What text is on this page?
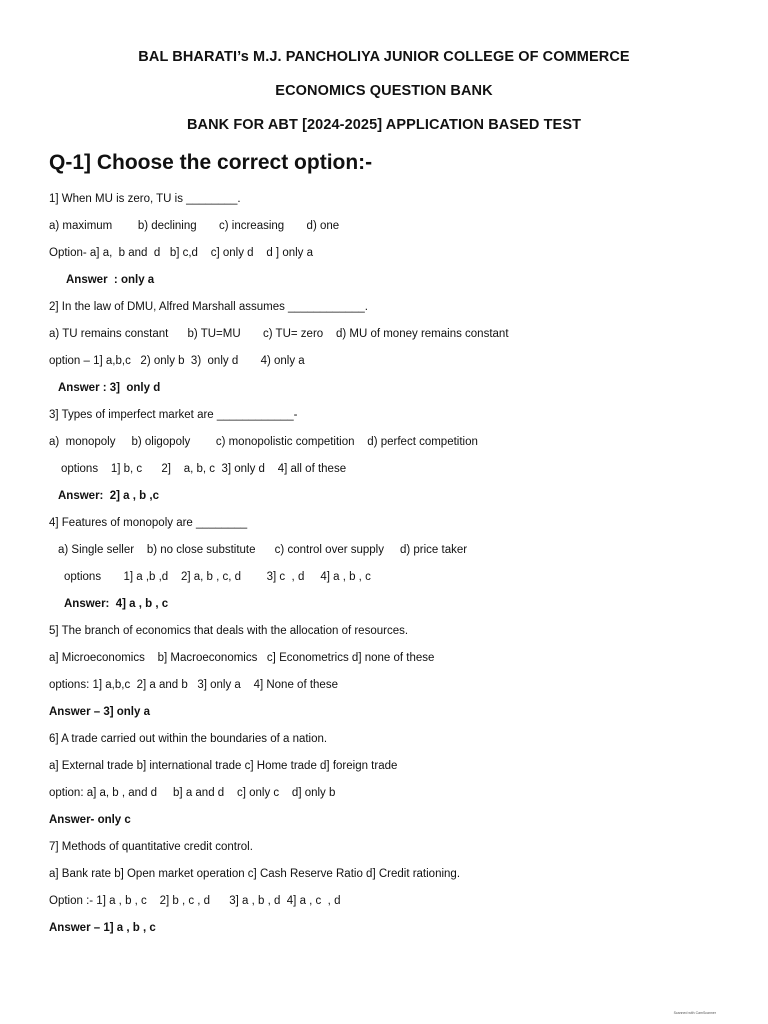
BAL BHARATI’s M.J. PANCHOLIYA JUNIOR COLLEGE OF COMMERCE
ECONOMICS QUESTION BANK
BANK FOR ABT [2024-2025] APPLICATION BASED TEST
Q-1] Choose the correct option:-
1] When MU is zero, TU is ________.
a) maximum        b) declining       c) increasing       d) one
Option- a] a,  b and  d   b] c,d    c] only d    d ] only a
Answer  : only a
2] In the law of DMU, Alfred Marshall assumes ____________.
a) TU remains constant      b) TU=MU       c) TU= zero    d) MU of money remains constant
option – 1] a,b,c   2) only b  3)  only d       4) only a
Answer : 3]  only d
3] Types of imperfect market are ____________-
a)  monopoly     b) oligopoly        c) monopolistic competition    d) perfect competition
options    1] b, c      2]    a, b, c  3] only d    4] all of these
Answer:  2] a , b ,c
4] Features of monopoly are ________
a) Single seller    b) no close substitute      c) control over supply     d) price taker
options       1] a ,b ,d    2] a, b , c, d        3] c  , d     4] a , b , c
Answer:  4] a , b , c
5] The branch of economics that deals with the allocation of resources.
a] Microeconomics    b] Macroeconomics   c] Econometrics d] none of these
options: 1] a,b,c  2] a and b   3] only a    4] None of these
Answer – 3] only a
6] A trade carried out within the boundaries of a nation.
a] External trade b] international trade c] Home trade d] foreign trade
option: a] a, b , and d     b] a and d    c] only c    d] only b
Answer- only c
7] Methods of quantitative credit control.
a] Bank rate b] Open market operation c] Cash Reserve Ratio d] Credit rationing.
Option :- 1] a , b , c    2] b , c , d      3] a , b , d  4] a , c  , d
Answer – 1] a , b , c
Scanned with CamScanner
